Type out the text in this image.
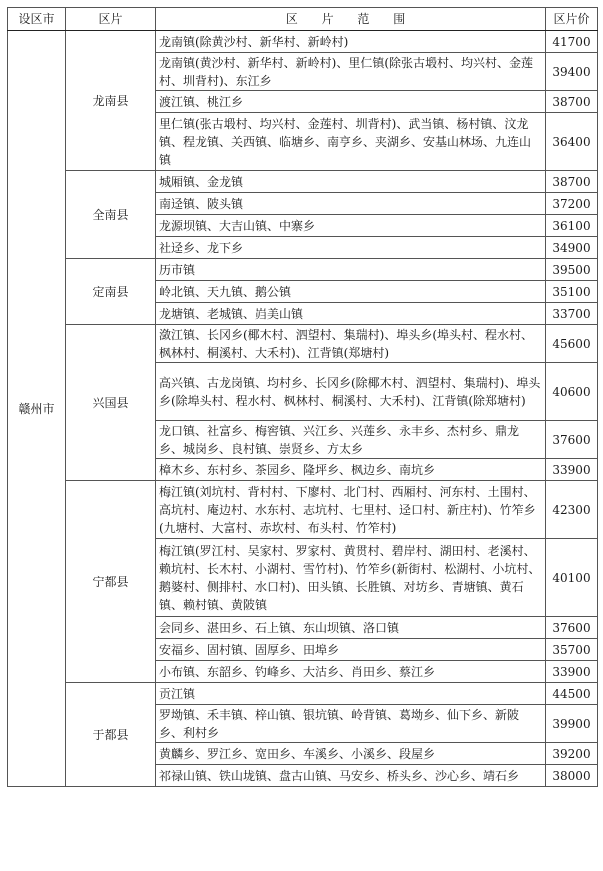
设区市	区片	区 片 范 围	区片价
赣州市	龙南县	龙南镇(除黄沙村、新华村、新岭村)	41700
		龙南镇(黄沙村、新华村、新岭村)、里仁镇(除张古塅村、均兴村、金莲村、圳背村)、东江乡	39400
		渡江镇、桃江乡	38700
		里仁镇(张古塅村、均兴村、金莲村、圳背村)、武当镇、杨村镇、汶龙镇、程龙镇、关西镇、临塘乡、南亨乡、夹湖乡、安基山林场、九连山镇	36400
	全南县	城厢镇、金龙镇	38700
		南迳镇、陂头镇	37200
		龙源坝镇、大吉山镇、中寨乡	36100
		社迳乡、龙下乡	34900
	定南县	历市镇	39500
		岭北镇、天九镇、鹅公镇	35100
		龙塘镇、老城镇、岿美山镇	33700
	兴国县	潋江镇、长冈乡(椰木村、泗望村、集瑞村)、埠头乡(埠头村、程水村、枫林村、桐溪村、大禾村)、江背镇(郑塘村)	45600
		高兴镇、古龙岗镇、均村乡、长冈乡(除椰木村、泗望村、集瑞村)、埠头乡(除埠头村、程水村、枫林村、桐溪村、大禾村)、江背镇(除郑塘村)	40600
		龙口镇、社富乡、梅窖镇、兴江乡、兴莲乡、永丰乡、杰村乡、鼎龙乡、城岗乡、良村镇、崇贤乡、方太乡	37600
		樟木乡、东村乡、茶园乡、隆坪乡、枫边乡、南坑乡	33900
	宁都县	梅江镇(刘坑村、背村村、下廖村、北门村、西厢村、河东村、土围村、高坑村、庵边村、水东村、志坑村、七里村、迳口村、新庄村)、竹笮乡(九塘村、大富村、赤坎村、布头村、竹笮村)	42300
		梅江镇(罗江村、吴家村、罗家村、黄贯村、碧岸村、湖田村、老溪村、赖坑村、长木村、小湖村、雪竹村)、竹笮乡(新街村、松湖村、小坑村、鹅婆村、侧排村、水口村)、田头镇、长胜镇、对坊乡、青塘镇、黄石镇、赖村镇、黄陂镇	40100
		会同乡、湛田乡、石上镇、东山坝镇、洛口镇	37600
		安福乡、固村镇、固厚乡、田埠乡	35700
		小布镇、东韶乡、钓峰乡、大沽乡、肖田乡、蔡江乡	33900
	于都县	贡江镇	44500
		罗坳镇、禾丰镇、梓山镇、银坑镇、岭背镇、葛坳乡、仙下乡、新陂乡、利村乡	39900
		黄麟乡、罗江乡、宽田乡、车溪乡、小溪乡、段屋乡	39200
		祁禄山镇、铁山垅镇、盘古山镇、马安乡、桥头乡、沙心乡、靖石乡	38000
